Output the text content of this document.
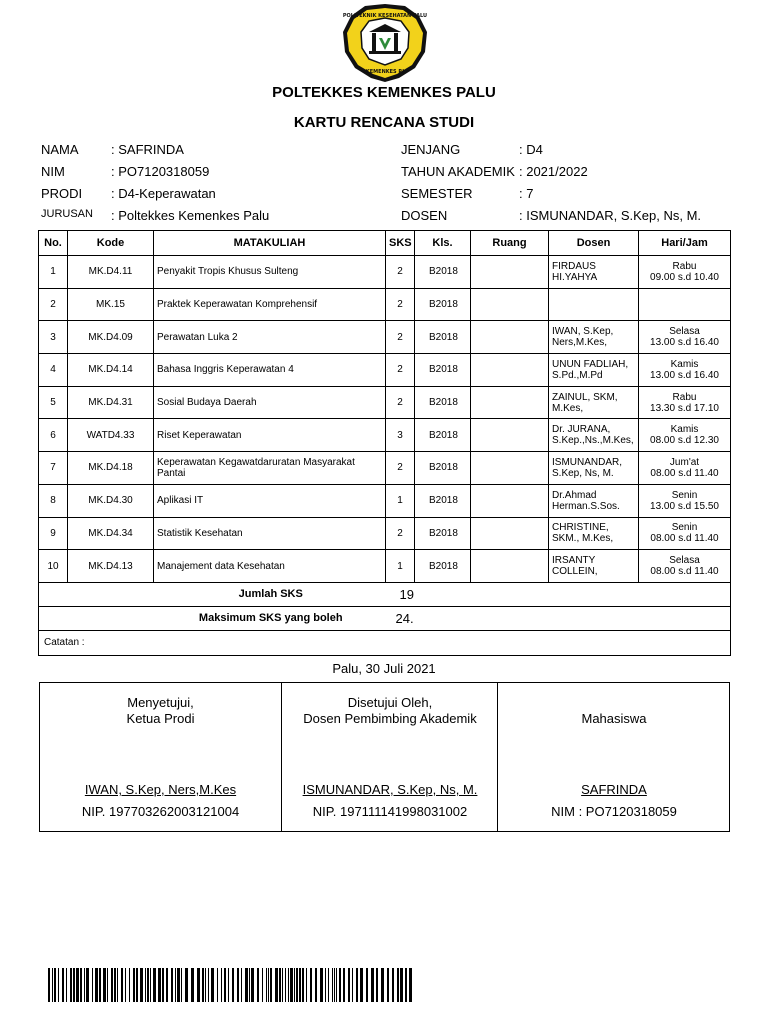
POLITEKNIK KESEHATAN PALU
KEMENKES RI
POLTEKKES KEMENKES PALU
KARTU RENCANA STUDI
NAMA : SAFRINDA
NIM	: PO7120318059
PRODI : D4-Keperawatan
JURUSAN : Poltekkes Kemenkes Palu
JENJANG	: D4
TAHUN AKADEMIK : 2021/2022
SEMESTER	: 7
DOSEN	: ISMUNANDAR, S.Kep, Ns, M.
No.	Kode	MATAKULIAH	SKS	Kls.	Ruang	Dosen	Hari/Jam
1	MK.D4.11	Penyakit Tropis Khusus Sulteng	2	B2018		FIRDAUS HI.YAHYA	Rabu
09.00 s.d 10.40

2	MK.15	Praktek Keperawatan Komprehensif	2	B2018			

3	MK.D4.09	Perawatan Luka 2	2	B2018		IWAN, S.Kep, Ners,M.Kes,	Selasa
13.00 s.d 16.40

4	MK.D4.14	Bahasa Inggris Keperawatan 4	2	B2018		UNUN FADLIAH, S.Pd.,M.Pd	Kamis
13.00 s.d 16.40

5	MK.D4.31	Sosial Budaya Daerah	2	B2018		ZAINUL, SKM, M.Kes,	Rabu
13.30 s.d 17.10

6	WATD4.33	Riset Keperawatan	3	B2018		Dr. JURANA, S.Kep.,Ns.,M.Kes,	Kamis
08.00 s.d 12.30

7	MK.D4.18	Keperawatan Kegawatdaruratan Masyarakat Pantai	2	B2018		ISMUNANDAR, S.Kep, Ns, M.	Jum'at
08.00 s.d 11.40

8	MK.D4.30	Aplikasi IT	1	B2018		Dr.Ahmad Herman.S.Sos.	Senin
13.00 s.d 15.50

9	MK.D4.34	Statistik Kesehatan	2	B2018		CHRISTINE, SKM., M.Kes,	Senin
08.00 s.d 11.40

10	MK.D4.13	Manajement data Kesehatan	1	B2018		IRSANTY COLLEIN,	Selasa
08.00 s.d 11.40

Jumlah SKS			19				
Maksimum SKS yang boleh			24.				
Catatan :							
Palu, 30 Juli 2021
Menyetujui,
Ketua Prodi
IWAN, S.Kep, Ners,M.Kes
NIP. 197703262003121004
Disetujui Oleh,
Dosen Pembimbing Akademik
ISMUNANDAR, S.Kep, Ns, M.
NIP. 197111141998031002
Mahasiswa
SAFRINDA
NIM : PO7120318059
